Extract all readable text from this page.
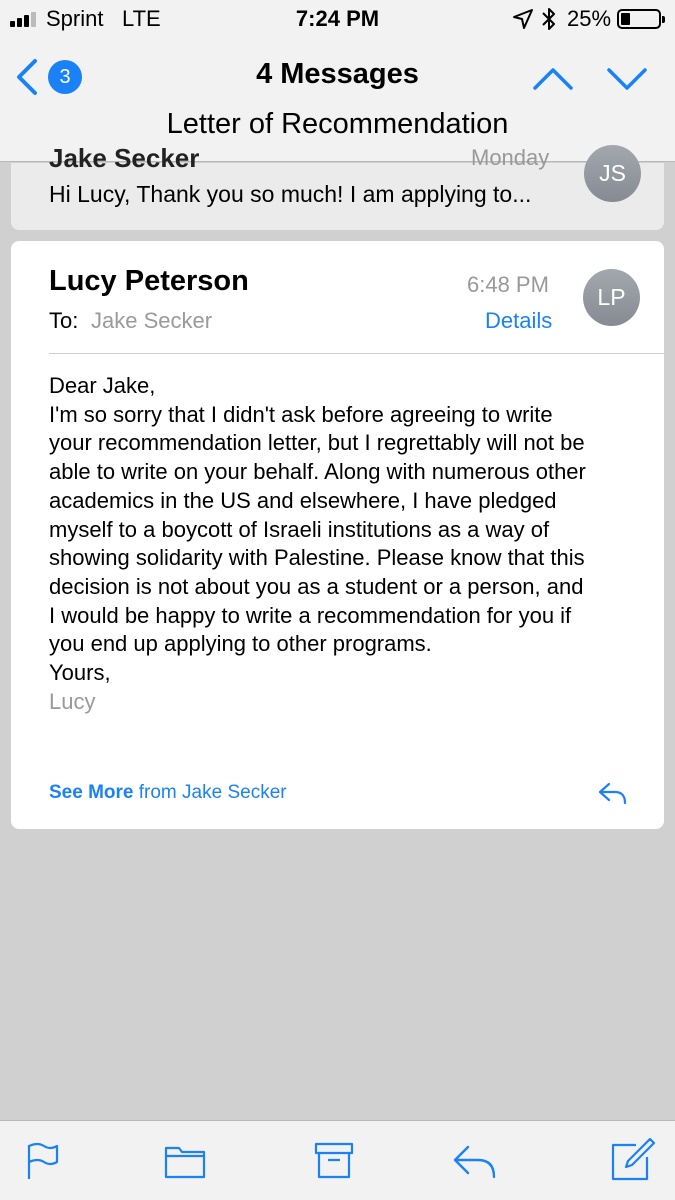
Sprint LTE	7:24 PM	25%
3	4 Messages
Letter of Recommendation
Jake Secker	Monday
Hi Lucy, Thank you so much! I am applying to...
JS
Lucy Peterson
To: Jake Secker
6:48 PM
Details
LP

Dear Jake,

I'm so sorry that I didn't ask before agreeing to write

your recommendation letter, but I regrettably will not be

able to write on your behalf. Along with numerous other

academics in the US and elsewhere, I have pledged

myself to a boycott of Israeli institutions as a way of

showing solidarity with Palestine. Please know that this

decision is not about you as a student or a person, and

I would be happy to write a recommendation for you if

you end up applying to other programs.

Yours,

Lucy

See More from Jake Secker
